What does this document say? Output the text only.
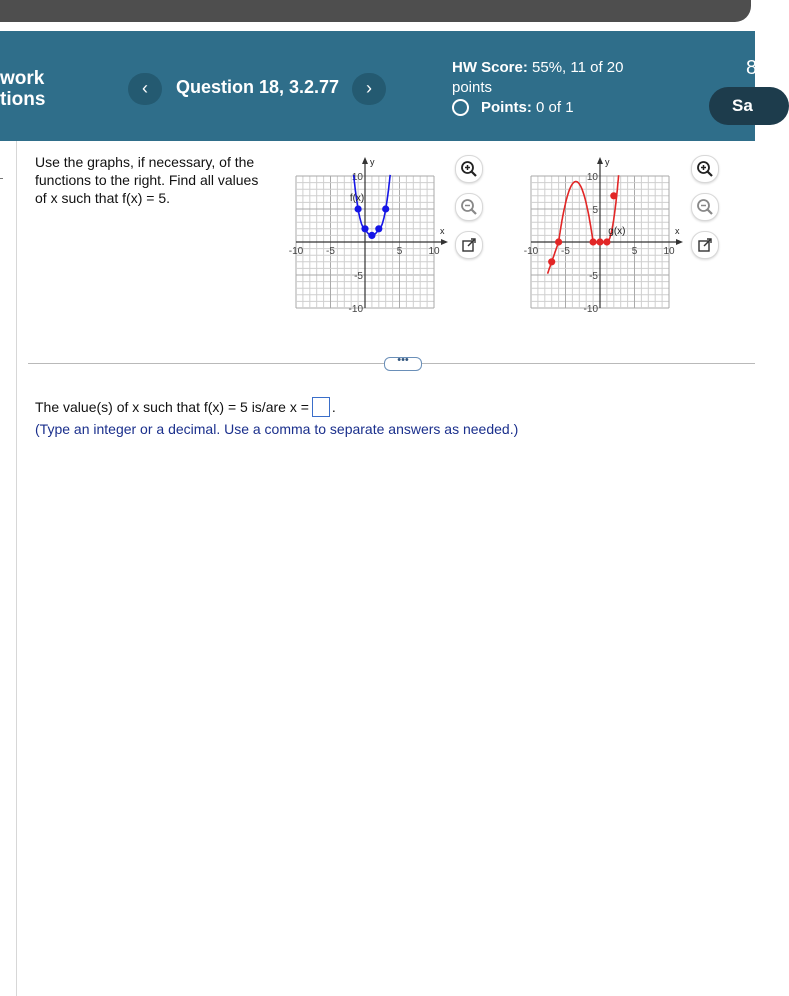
work
tions
‹	Question 18, 3.2.77	›
HW Score: 55%, 11 of 20
points
Points:
0 of 1
8
Sa
Use the graphs, if necessary, of the functions to the right. Find all values of x such that f(x) = 5.
x
y
-10 -5	5	10
10
-5
-10
f(x)
x
y
-10 -5	5	10
10
5
-5
-10
g(x)
•••
The value(s) of x such that f(x) = 5 is/are x = .
(Type an integer or a decimal. Use a comma to separate answers as needed.)
